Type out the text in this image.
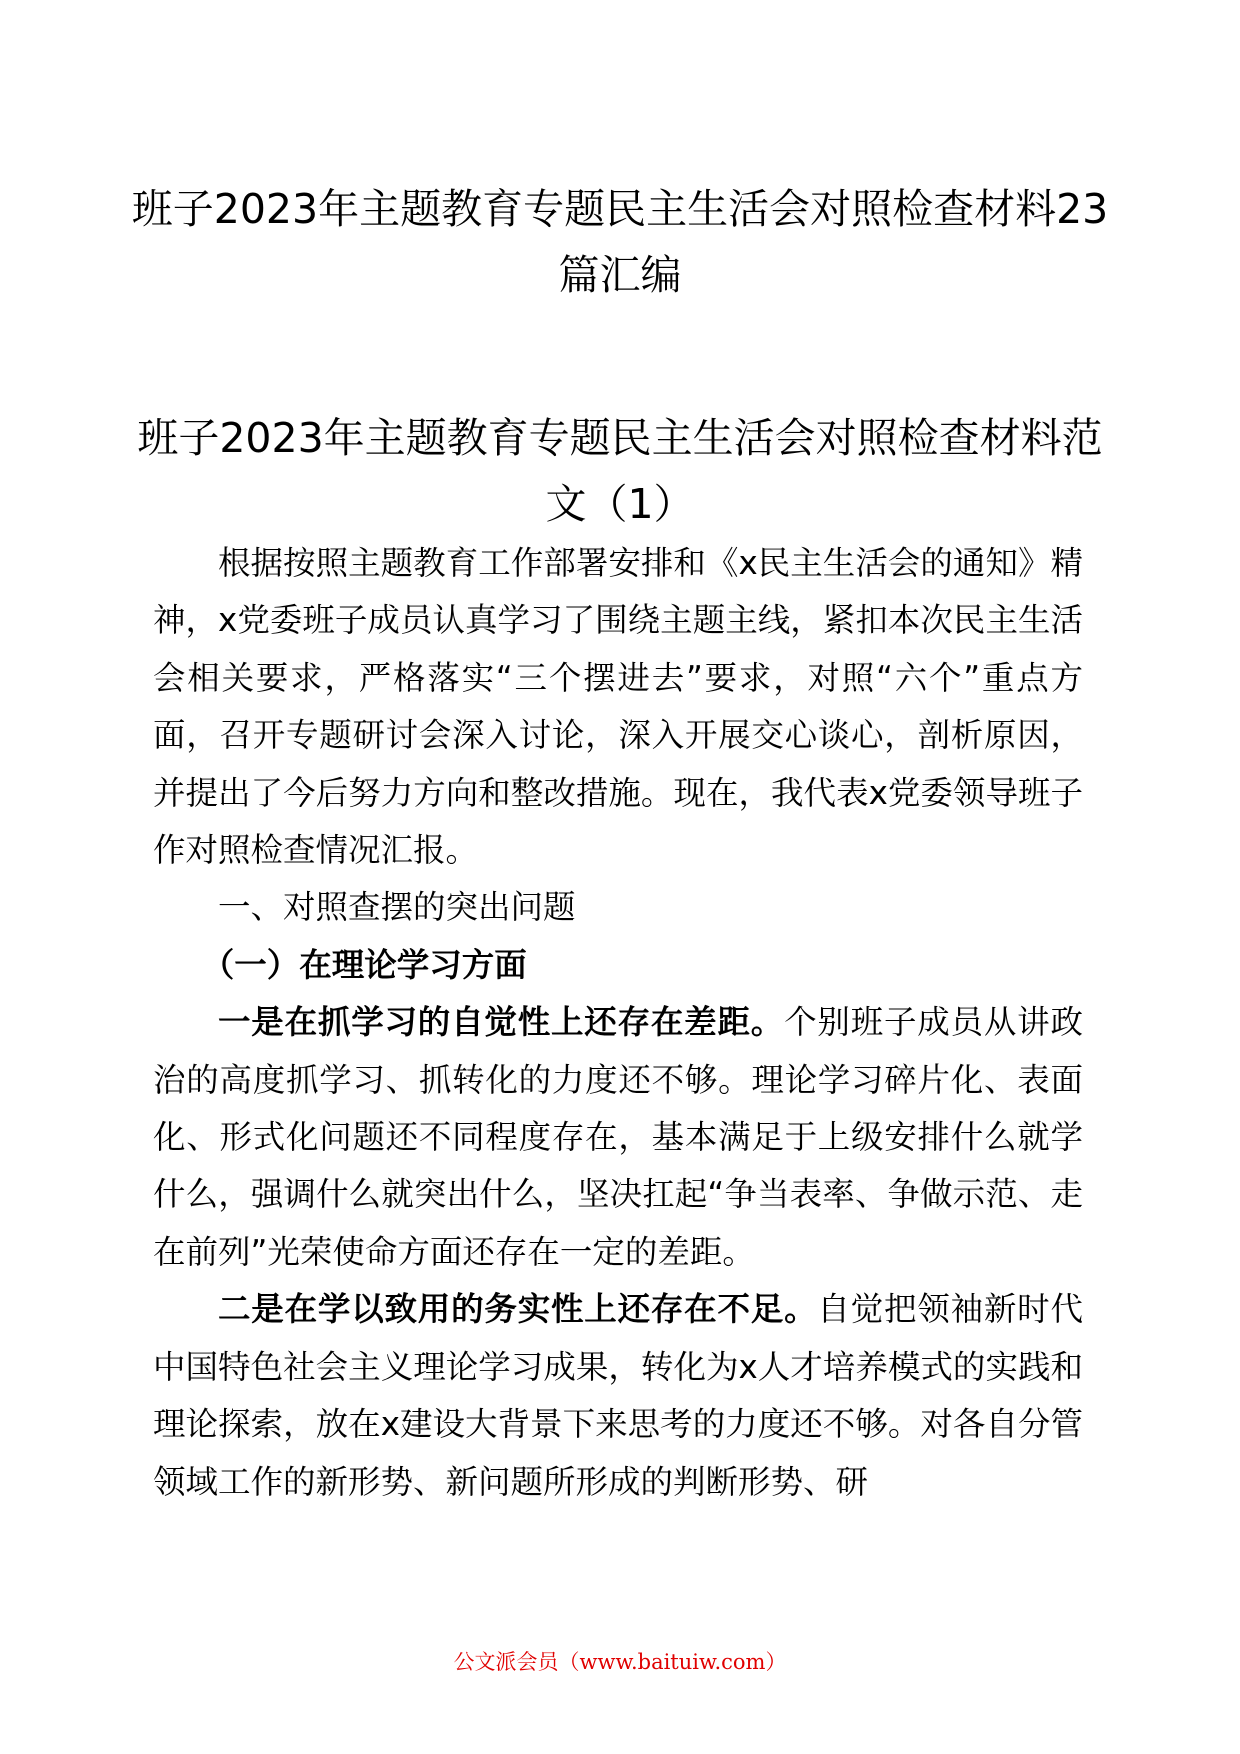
班子2023年主题教育专题民主生活会对照检查材料23篇汇编
班子2023年主题教育专题民主生活会对照检查材料范文（1）

根据按照主题教育工作部署安排和《x民主生活会的通知》精神，x党委班子成员认真学习了围绕主题主线，紧扣本次民主生活会相关要求，严格落实“三个摆进去”要求，对照“六个”重点方面，召开专题研讨会深入讨论，深入开展交心谈心，剖析原因，并提出了今后努力方向和整改措施。现在，我代表x党委领导班子作对照检查情况汇报。

一、对照查摆的突出问题

（一）在理论学习方面

一是在抓学习的自觉性上还存在差距。个别班子成员从讲政治的高度抓学习、抓转化的力度还不够。理论学习碎片化、表面化、形式化问题还不同程度存在，基本满足于上级安排什么就学什么，强调什么就突出什么，坚决扛起“争当表率、争做示范、走在前列”光荣使命方面还存在一定的差距。

二是在学以致用的务实性上还存在不足。自觉把领袖新时代中国特色社会主义理论学习成果，转化为x人才培养模式的实践和理论探索，放在x建设大背景下来思考的力度还不够。对各自分管领域工作的新形势、新问题所形成的判断形势、研

公文派会员（www.baituiw.com）
